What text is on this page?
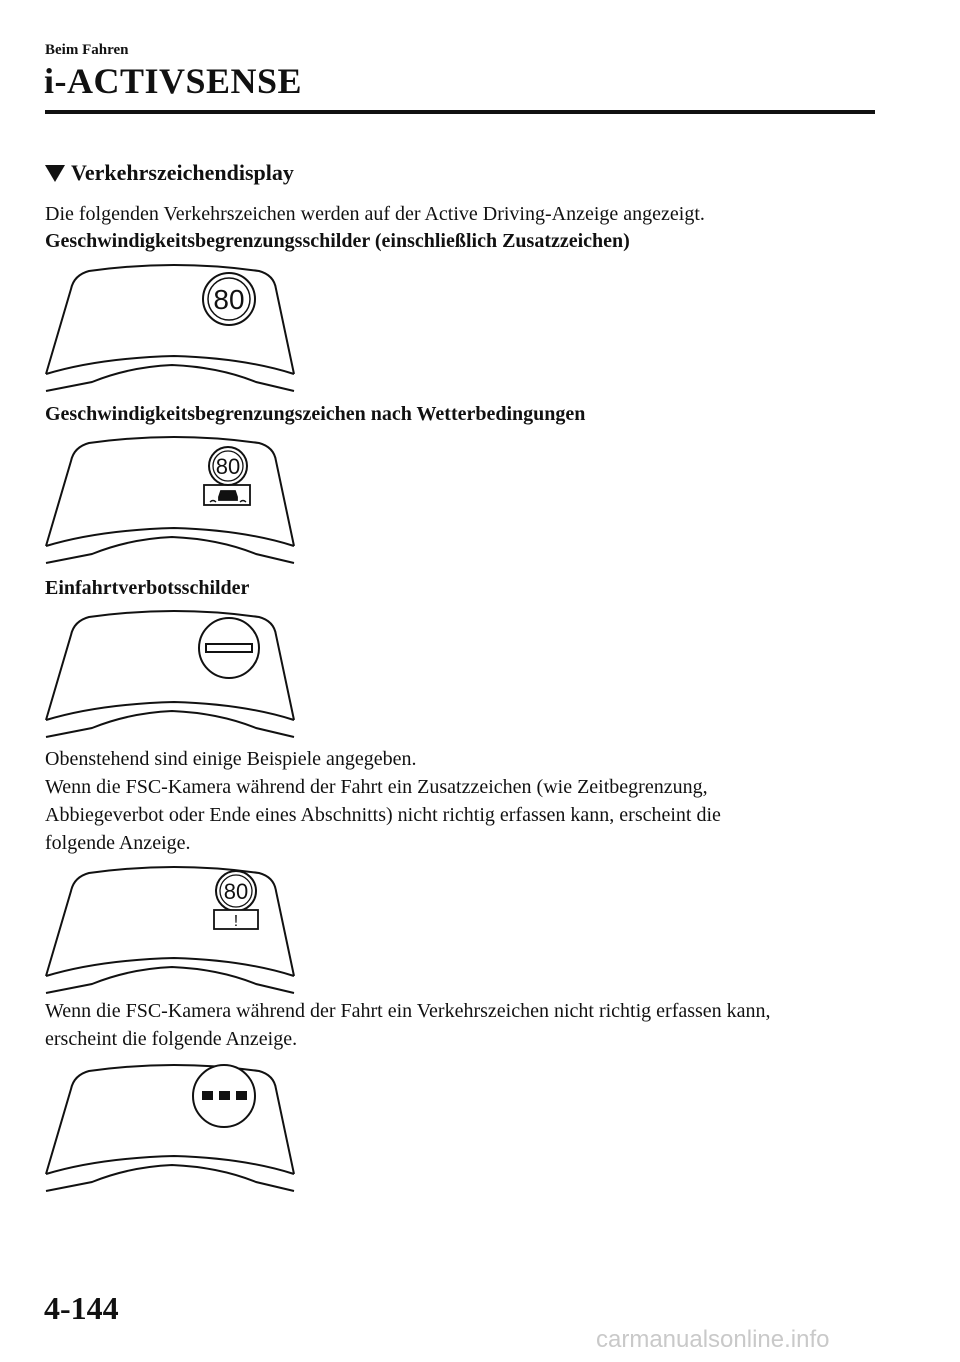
Beim Fahren
i-ACTIVSENSE
Verkehrszeichendisplay
Die folgenden Verkehrszeichen werden auf der Active Driving-Anzeige angezeigt.
Geschwindigkeitsbegrenzungsschilder (einschließlich Zusatzzeichen)
80
Geschwindigkeitsbegrenzungszeichen nach Wetterbedingungen
80
Einfahrtverbotsschilder
Obenstehend sind einige Beispiele angegeben.
Wenn die FSC-Kamera während der Fahrt ein Zusatzzeichen (wie Zeitbegrenzung,
Abbiegeverbot oder Ende eines Abschnitts) nicht richtig erfassen kann, erscheint die
folgende Anzeige.
80
!
Wenn die FSC-Kamera während der Fahrt ein Verkehrszeichen nicht richtig erfassen kann,
erscheint die folgende Anzeige.
4-144
carmanualsonline.info
